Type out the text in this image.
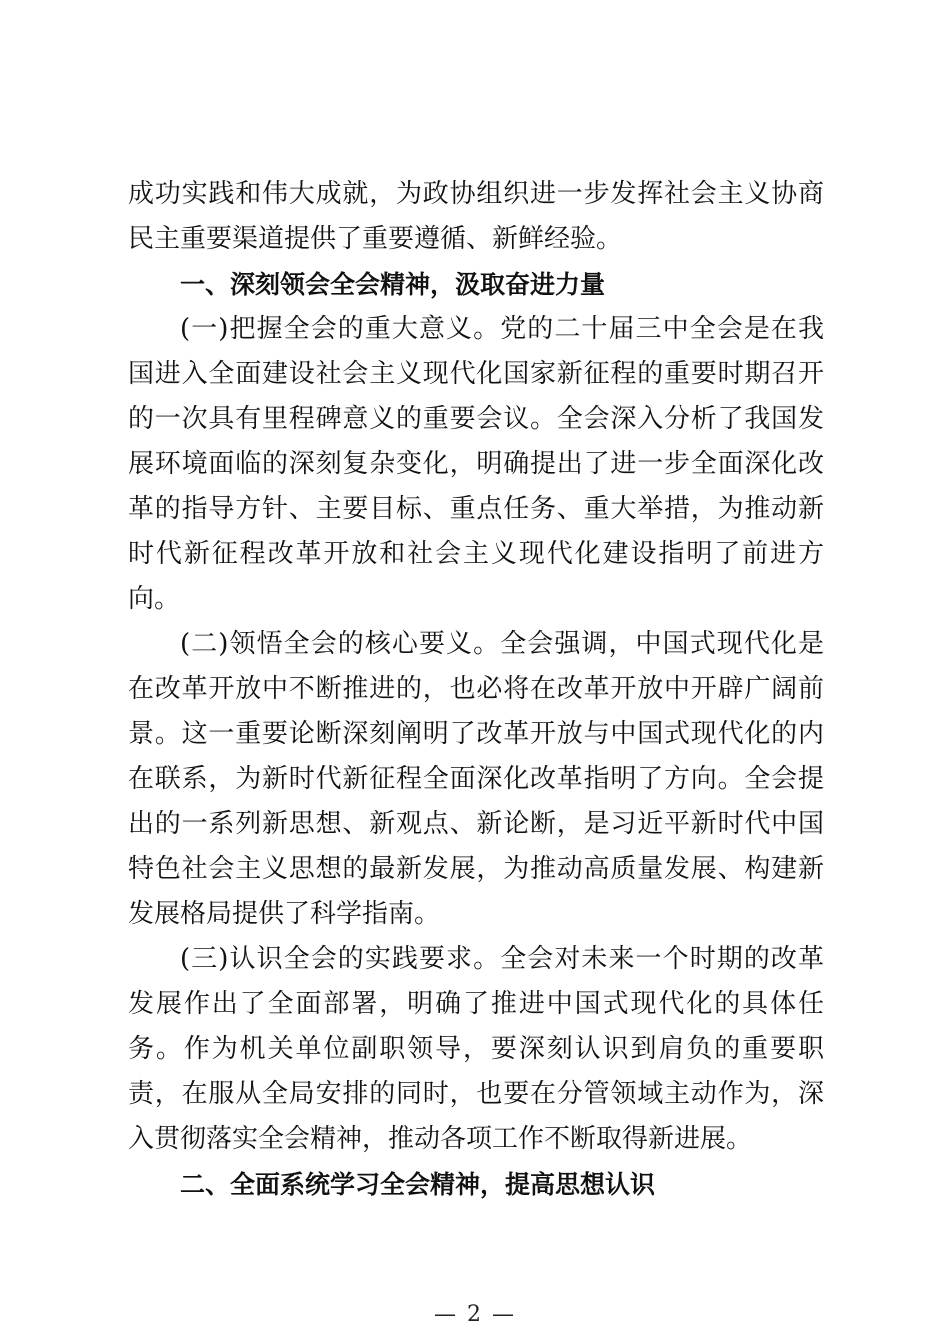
成功实践和伟大成就，为政协组织进一步发挥社会主义协商民主重要渠道提供了重要遵循、新鲜经验。

一、深刻领会全会精神，汲取奋进力量

(一)把握全会的重大意义。党的二十届三中全会是在我国进入全面建设社会主义现代化国家新征程的重要时期召开的一次具有里程碑意义的重要会议。全会深入分析了我国发展环境面临的深刻复杂变化，明确提出了进一步全面深化改革的指导方针、主要目标、重点任务、重大举措，为推动新时代新征程改革开放和社会主义现代化建设指明了前进方向。

(二)领悟全会的核心要义。全会强调，中国式现代化是在改革开放中不断推进的，也必将在改革开放中开辟广阔前景。这一重要论断深刻阐明了改革开放与中国式现代化的内在联系，为新时代新征程全面深化改革指明了方向。全会提出的一系列新思想、新观点、新论断，是习近平新时代中国特色社会主义思想的最新发展，为推动高质量发展、构建新发展格局提供了科学指南。

(三)认识全会的实践要求。全会对未来一个时期的改革发展作出了全面部署，明确了推进中国式现代化的具体任务。作为机关单位副职领导，要深刻认识到肩负的重要职责，在服从全局安排的同时，也要在分管领域主动作为，深入贯彻落实全会精神，推动各项工作不断取得新进展。

二、全面系统学习全会精神，提高思想认识

— 2 —
